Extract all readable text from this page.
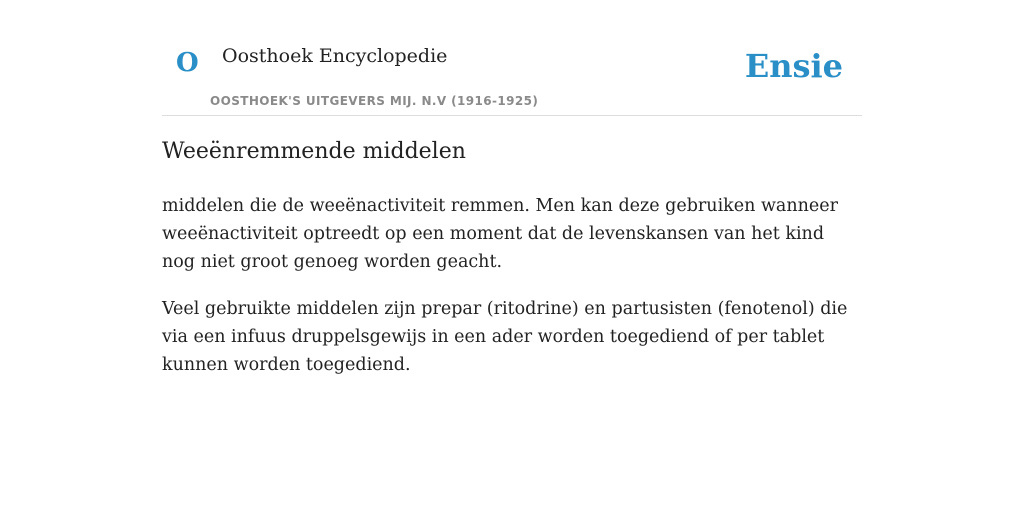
O Oosthoek Encyclopedie
OOSTHOEK'S UITGEVERS MIJ. N.V (1916-1925)
Ensie
Weeënremmende middelen

middelen die de weeënactiviteit remmen. Men kan deze gebruiken wanneer weeënactiviteit optreedt op een moment dat de levenskansen van het kind nog niet groot genoeg worden geacht.

Veel gebruikte middelen zijn prepar (ritodrine) en partusisten (fenotenol) die via een infuus druppelsgewijs in een ader worden toegediend of per tablet kunnen worden toegediend.
